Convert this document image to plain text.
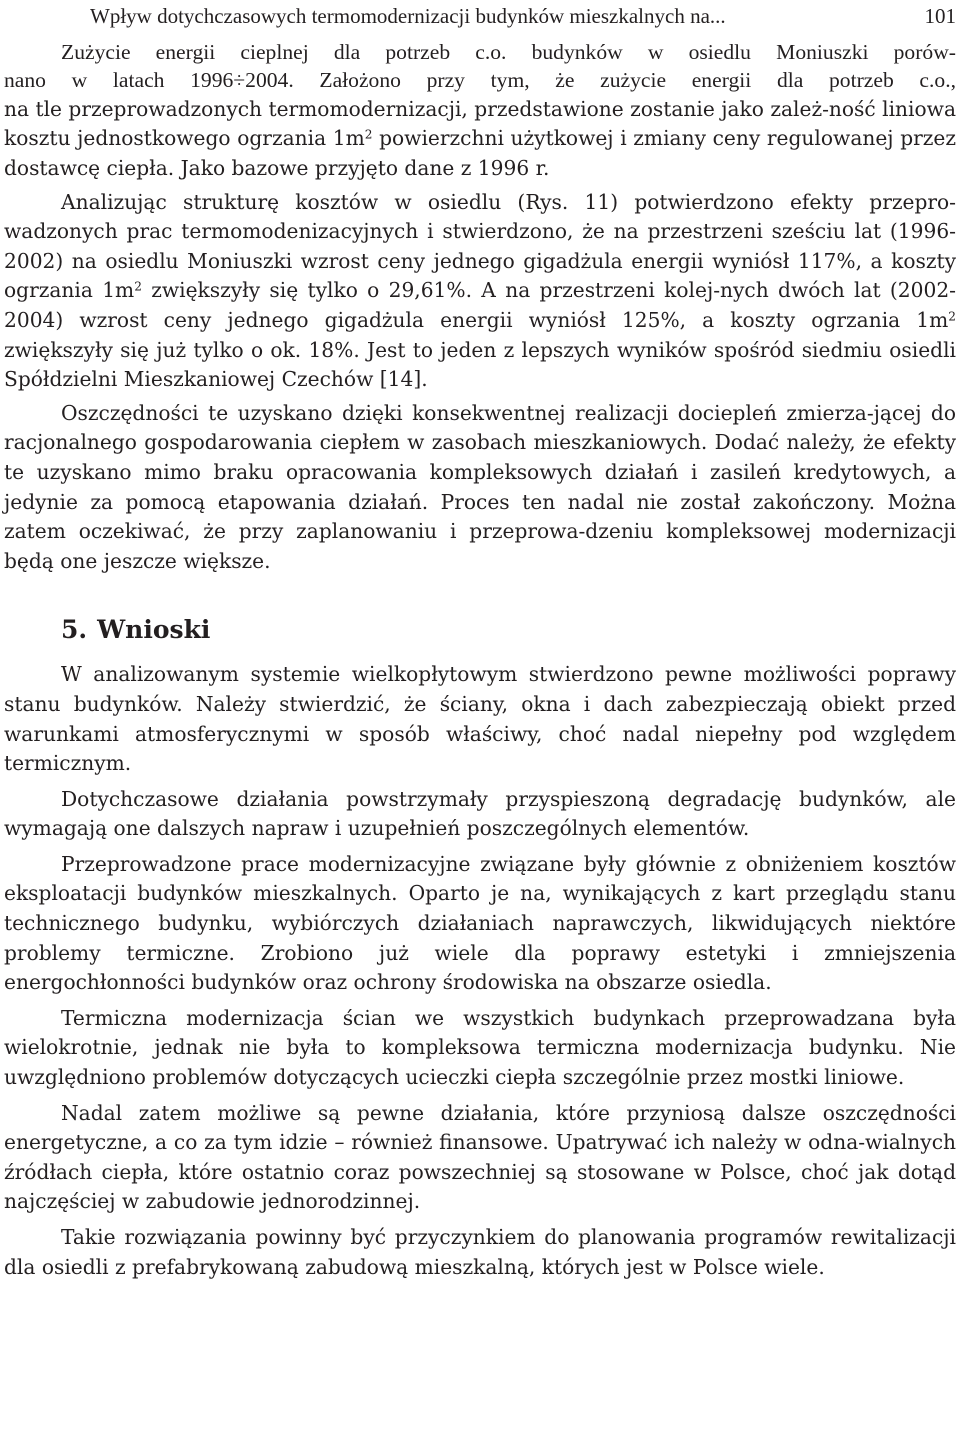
Wpływ dotychczasowych termomodernizacji budynków mieszkalnych na...	101

Zużycie energii cieplnej dla potrzeb c.o. budynków w osiedlu Moniuszki porów-

nano w latach 1996÷2004. Założono przy tym, że zużycie energii dla potrzeb c.o.,

na tle przeprowadzonych termomodernizacji, przedstawione zostanie jako zależ-ność liniowa kosztu jednostkowego ogrzania $1m^2$ powierzchni użytkowej i zmiany ceny regulowanej przez dostawcę ciepła. Jako bazowe przyjęto dane z 1996 r.

Analizując strukturę kosztów w osiedlu (Rys. 11) potwierdzono efekty przepro-wadzonych prac termomodenizacyjnych i stwierdzono, że na przestrzeni sześciu lat (1996-2002) na osiedlu Moniuszki wzrost ceny jednego gigadżula energii wyniósł 117%, a koszty ogrzania $1m^2$ zwiększyły się tylko o 29,61%. A na przestrzeni kolej-nych dwóch lat (2002-2004) wzrost ceny jednego gigadżula energii wyniósł 125%, a koszty ogrzania $1m^2$ zwiększyły się już tylko o ok. 18%. Jest to jeden z lepszych wyników spośród siedmiu osiedli Spółdzielni Mieszkaniowej Czechów [14].

Oszczędności te uzyskano dzięki konsekwentnej realizacji dociepleń zmierza-jącej do racjonalnego gospodarowania ciepłem w zasobach mieszkaniowych. Dodać należy, że efekty te uzyskano mimo braku opracowania kompleksowych działań i zasileń kredytowych, a jedynie za pomocą etapowania działań. Proces ten nadal nie został zakończony. Można zatem oczekiwać, że przy zaplanowaniu i przeprowa-dzeniu kompleksowej modernizacji będą one jeszcze większe.

5. Wnioski

W analizowanym systemie wielkopłytowym stwierdzono pewne możliwości poprawy stanu budynków. Należy stwierdzić, że ściany, okna i dach zabezpieczają obiekt przed warunkami atmosferycznymi w sposób właściwy, choć nadal niepełny pod względem termicznym.

Dotychczasowe działania powstrzymały przyspieszoną degradację budynków, ale wymagają one dalszych napraw i uzupełnień poszczególnych elementów.

Przeprowadzone prace modernizacyjne związane były głównie z obniżeniem kosztów eksploatacji budynków mieszkalnych. Oparto je na, wynikających z kart przeglądu stanu technicznego budynku, wybiórczych działaniach naprawczych, likwidujących niektóre problemy termiczne. Zrobiono już wiele dla poprawy estetyki i zmniejszenia energochłonności budynków oraz ochrony środowiska na obszarze osiedla.

Termiczna modernizacja ścian we wszystkich budynkach przeprowadzana była wielokrotnie, jednak nie była to kompleksowa termiczna modernizacja budynku. Nie uwzględniono problemów dotyczących ucieczki ciepła szczególnie przez mostki liniowe.

Nadal zatem możliwe są pewne działania, które przyniosą dalsze oszczędności energetyczne, a co za tym idzie – również finansowe. Upatrywać ich należy w odna-wialnych źródłach ciepła, które ostatnio coraz powszechniej są stosowane w Polsce, choć jak dotąd najczęściej w zabudowie jednorodzinnej.

Takie rozwiązania powinny być przyczynkiem do planowania programów rewitalizacji dla osiedli z prefabrykowaną zabudową mieszkalną, których jest w Polsce wiele.
